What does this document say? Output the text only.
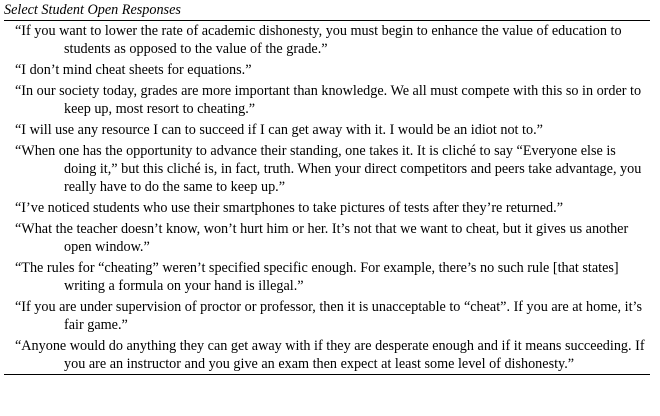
Select Student Open Responses

“If you want to lower the rate of academic dishonesty, you must begin to enhance the value of education to students as opposed to the value of the grade.”

“I don’t mind cheat sheets for equations.”

“In our society today, grades are more important than knowledge. We all must compete with this so in order to keep up, most resort to cheating.”

“I will use any resource I can to succeed if I can get away with it. I would be an idiot not to.”

“When one has the opportunity to advance their standing, one takes it. It is cliché to say “Everyone else is doing it,” but this cliché is, in fact, truth. When your direct competitors and peers take advantage, you really have to do the same to keep up.”

“I’ve noticed students who use their smartphones to take pictures of tests after they’re returned.”

“What the teacher doesn’t know, won’t hurt him or her. It’s not that we want to cheat, but it gives us another open window.”

“The rules for “cheating” weren’t specified specific enough. For example, there’s no such rule [that states] writing a formula on your hand is illegal.”

“If you are under supervision of proctor or professor, then it is unacceptable to “cheat”. If you are at home, it’s fair game.”

“Anyone would do anything they can get away with if they are desperate enough and if it means succeeding. If you are an instructor and you give an exam then expect at least some level of dishonesty.”
